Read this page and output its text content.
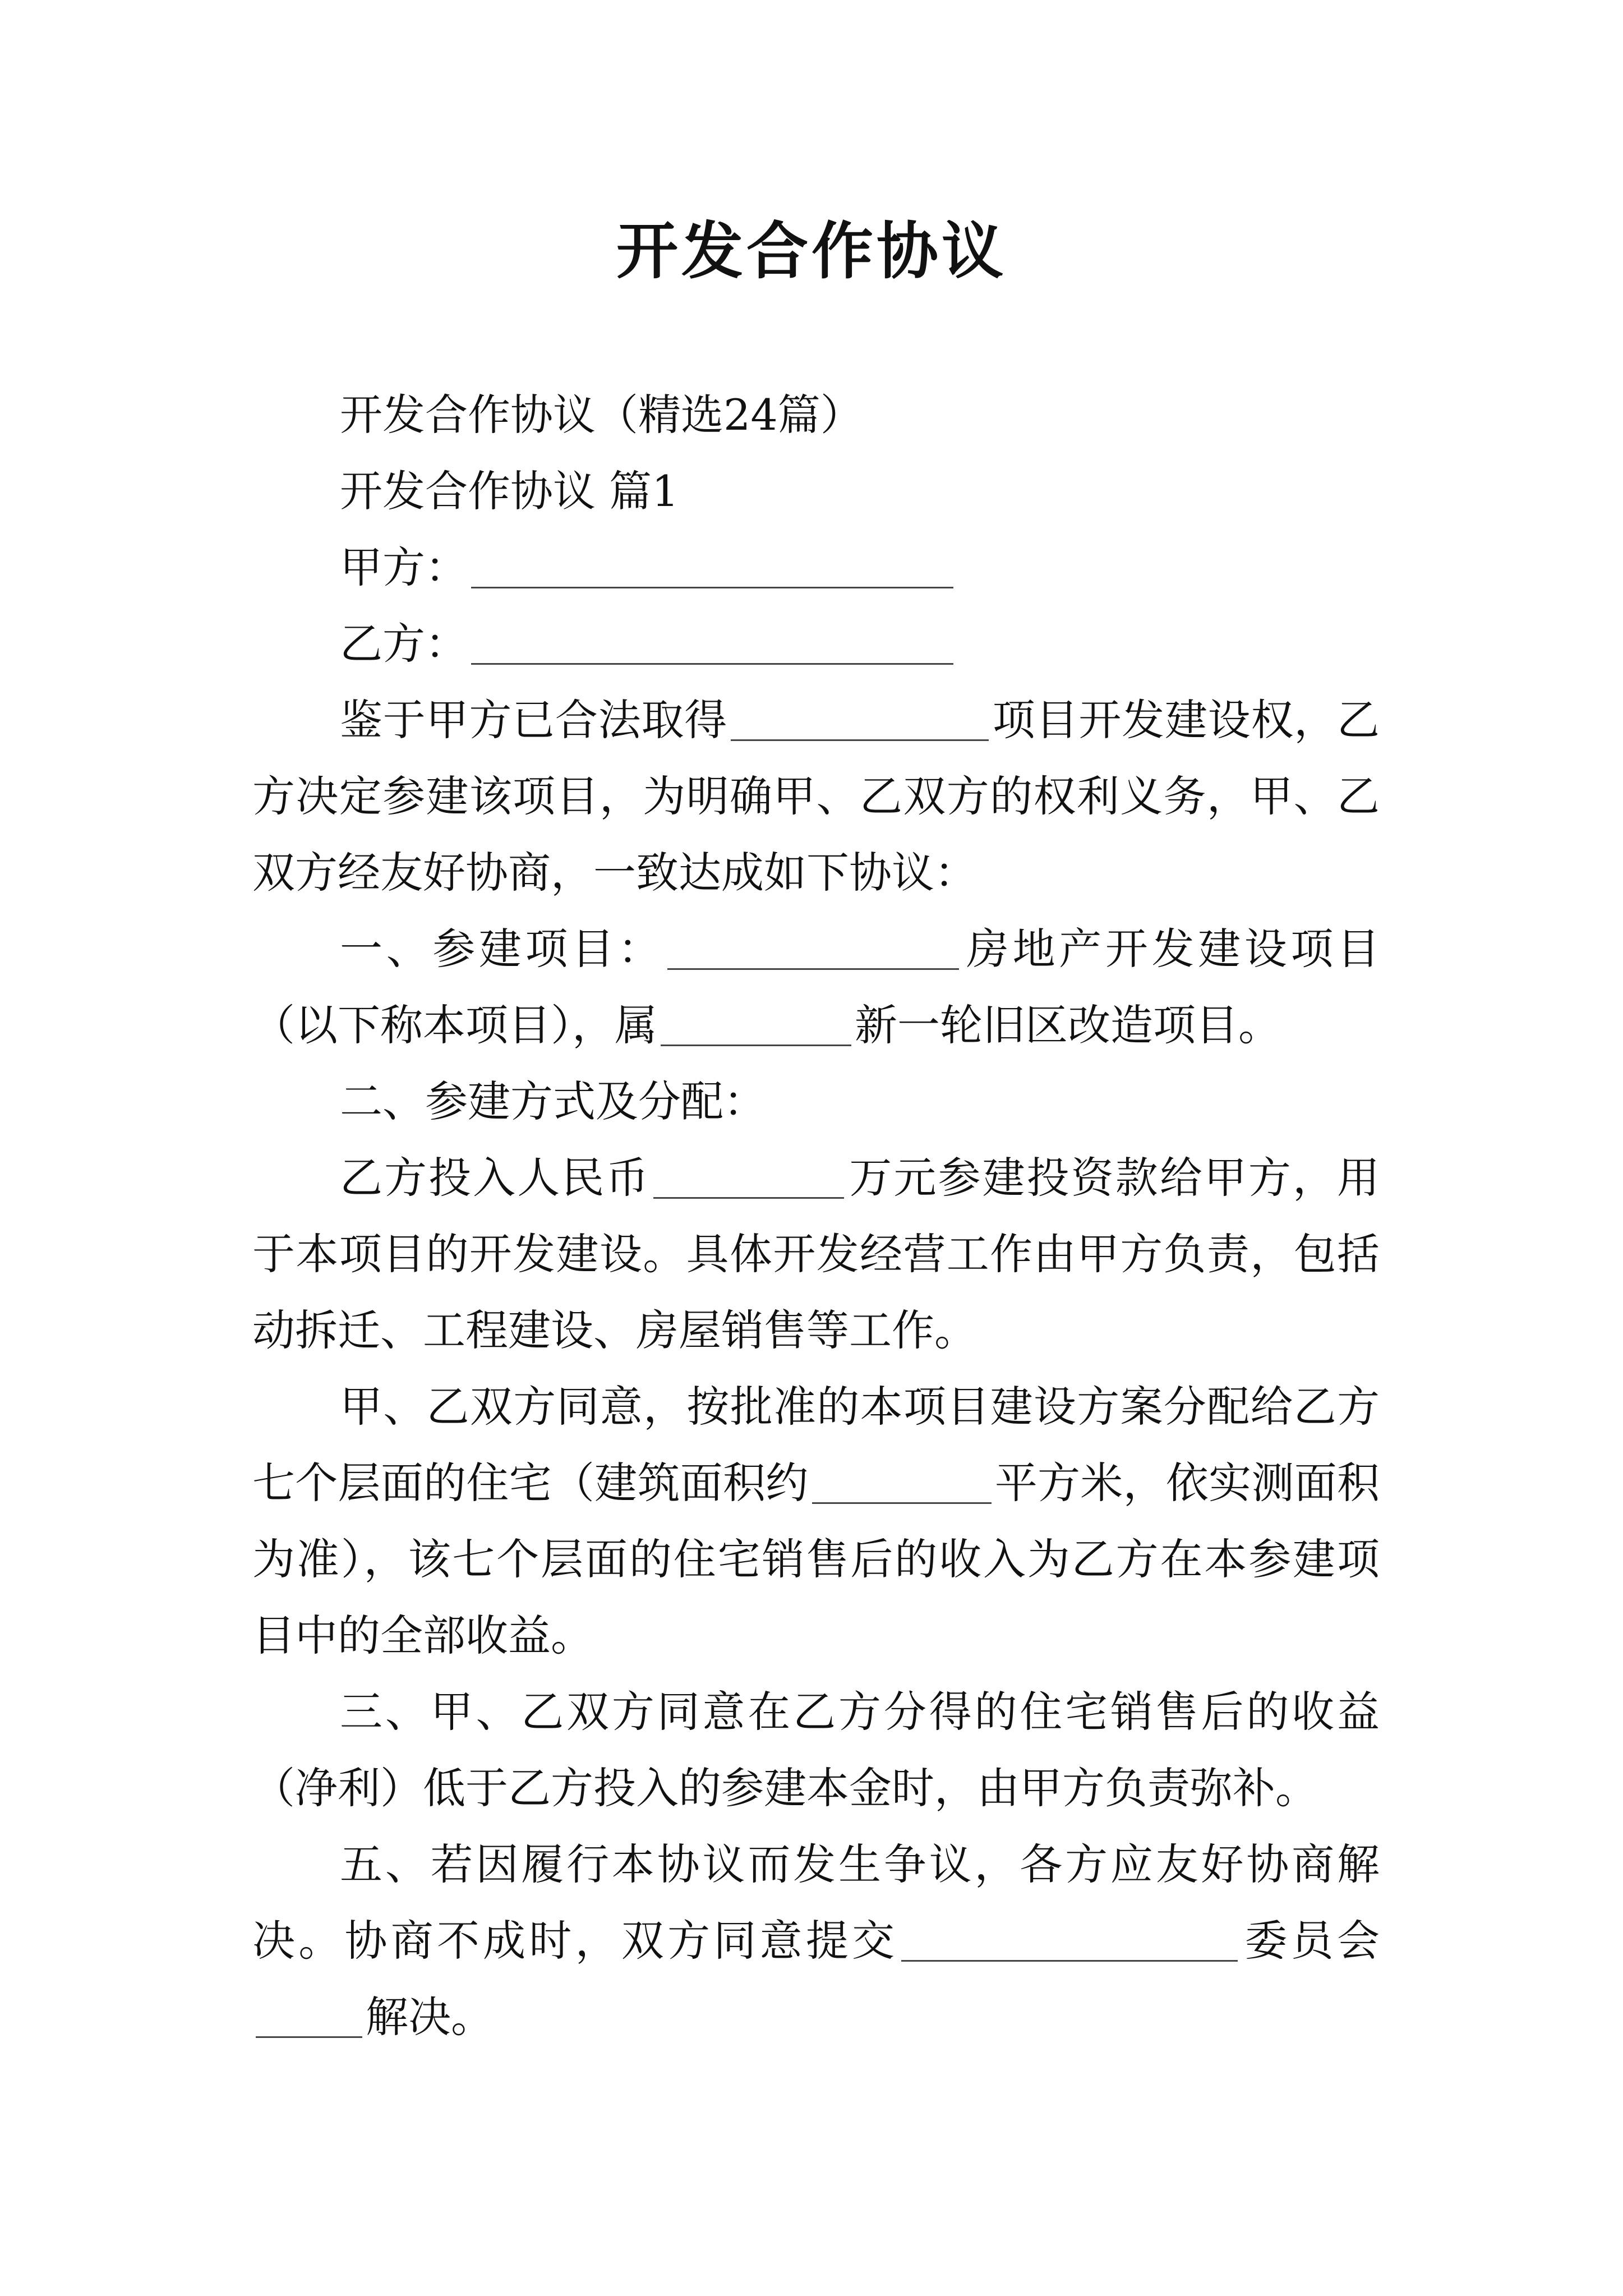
开发合作协议

开发合作协议（精选24篇）

开发合作协议 篇1

甲方：

乙方：

鉴于甲方已合法取得	项目开发建设权，乙方决定参建该项目，为明确甲、乙双方的权利义务，甲、乙双方经友好协商，一致达成如下协议：

一、参建项目：	房地产开发建设项目（以下称本项目），属	新一轮旧区改造项目。

二、参建方式及分配：

乙方投入人民币	万元参建投资款给甲方，用于本项目的开发建设。具体开发经营工作由甲方负责，包括动拆迁、工程建设、房屋销售等工作。

甲、乙双方同意，按批准的本项目建设方案分配给乙方七个层面的住宅（建筑面积约	平方米，依实测面积为准），该七个层面的住宅销售后的收入为乙方在本参建项目中的全部收益。

三、甲、乙双方同意在乙方分得的住宅销售后的收益（净利）低于乙方投入的参建本金时，由甲方负责弥补。

五、若因履行本协议而发生争议，各方应友好协商解决。协商不成时，双方同意提交	委员会解决。
